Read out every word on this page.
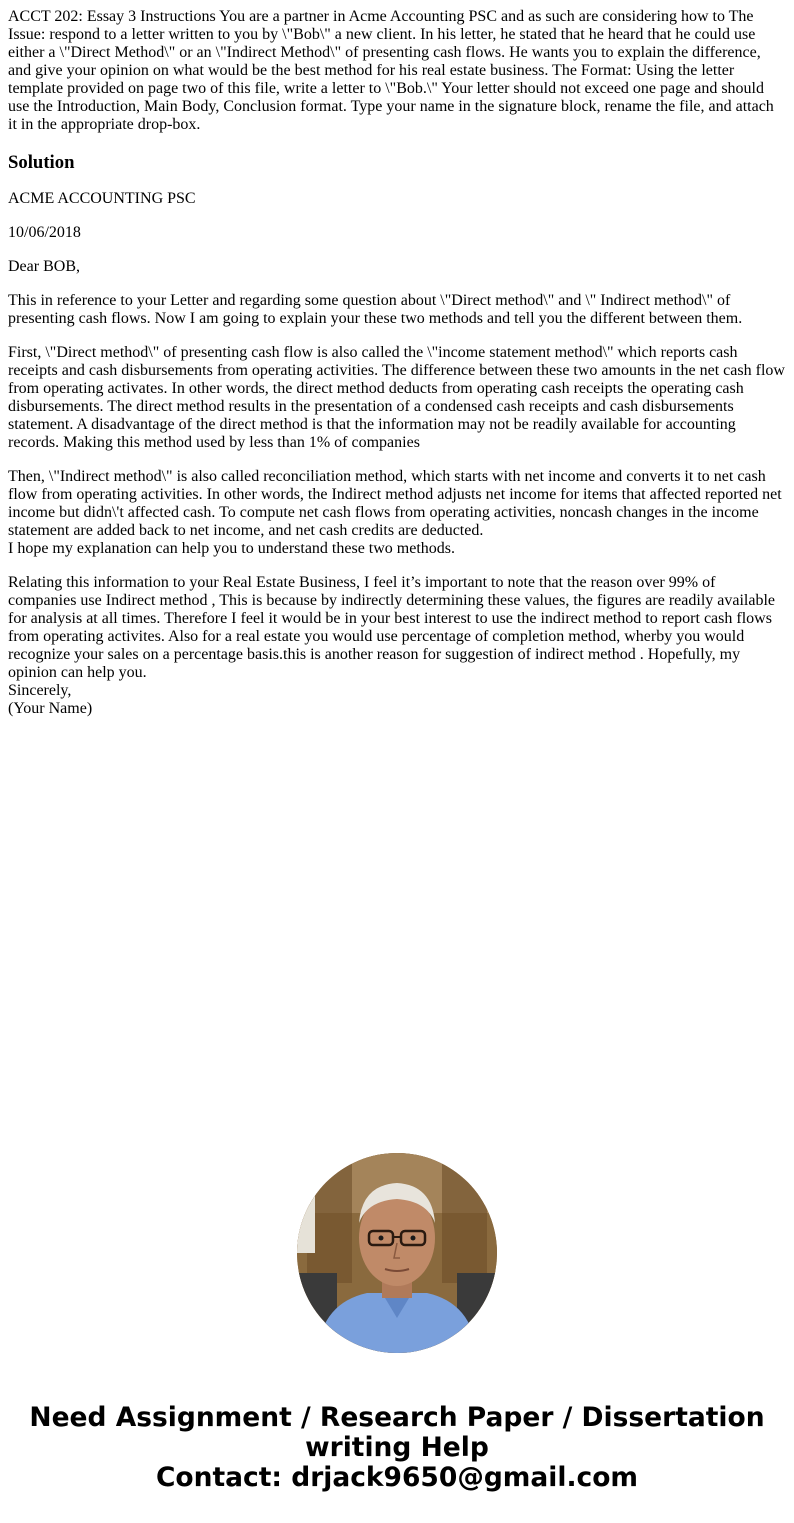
ACCT 202: Essay 3 Instructions You are a partner in Acme Accounting PSC and as such are considering how to The Issue: respond to a letter written to you by \"Bob\" a new client. In his letter, he stated that he heard that he could use either a \"Direct Method\" or an \"Indirect Method\" of presenting cash flows. He wants you to explain the difference, and give your opinion on what would be the best method for his real estate business. The Format: Using the letter template provided on page two of this file, write a letter to \"Bob.\" Your letter should not exceed one page and should use the Introduction, Main Body, Conclusion format. Type your name in the signature block, rename the file, and attach it in the appropriate drop-box.

Solution

ACME ACCOUNTING PSC

10/06/2018

Dear BOB,

This in reference to your Letter and regarding some question about \"Direct method\" and \" Indirect method\" of presenting cash flows. Now I am going to explain your these two methods and tell you the different between them.

First, \"Direct method\" of presenting cash flow is also called the \"income statement method\" which reports cash receipts and cash disbursements from operating activities. The difference between these two amounts in the net cash flow from operating activates. In other words, the direct method deducts from operating cash receipts the operating cash disbursements. The direct method results in the presentation of a condensed cash receipts and cash disbursements statement. A disadvantage of the direct method is that the information may not be readily available for accounting records. Making this method used by less than 1% of companies

Then, \"Indirect method\" is also called reconciliation method, which starts with net income and converts it to net cash flow from operating activities. In other words, the Indirect method adjusts net income for items that affected reported net income but didn\'t affected cash. To compute net cash flows from operating activities, noncash changes in the income statement are added back to net income, and net cash credits are deducted.
I hope my explanation can help you to understand these two methods.

Relating this information to your Real Estate Business, I feel it’s important to note that the reason over 99% of companies use Indirect method , This is because by indirectly determining these values, the figures are readily available for analysis at all times. Therefore I feel it would be in your best interest to use the indirect method to report cash flows from operating activites. Also for a real estate you would use percentage of completion method, wherby you would recognize your sales on a percentage basis.this is another reason for suggestion of indirect method . Hopefully, my opinion can help you.
Sincerely,
(Your Name)

Need Assignment / Research Paper / Dissertation
writing Help
Contact: drjack9650@gmail.com
